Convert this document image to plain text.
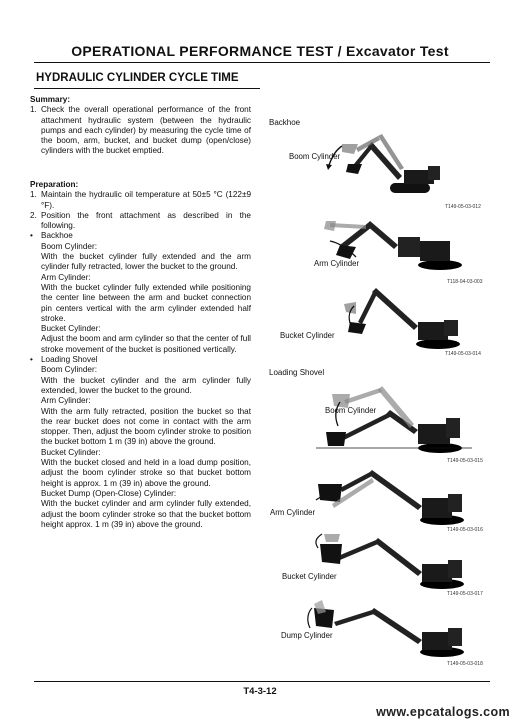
OPERATIONAL PERFORMANCE TEST / Excavator Test
HYDRAULIC CYLINDER CYCLE TIME
Summary:
1. Check the overall operational performance of the front attachment hydraulic system (between the hydraulic pumps and each cylinder) by measuring the cycle time of the boom, arm, bucket, and bucket dump (open/close) cylinders with the bucket emptied.
Preparation:
1. Maintain the hydraulic oil temperature at 50±5 °C (122±9 °F).
2. Position the front attachment as described in the following.
• Backhoe
Boom Cylinder:
With the bucket cylinder fully extended and the arm cylinder fully retracted, lower the bucket to the ground.
Arm Cylinder:
With the bucket cylinder fully extended while positioning the center line between the arm and bucket connection pin centers vertical with the arm cylinder extended half stroke.
Bucket Cylinder:
Adjust the boom and arm cylinder so that the center of full stroke movement of the bucket is positioned vertically.
• Loading Shovel
Boom Cylinder:
With the bucket cylinder and the arm cylinder fully extended, lower the bucket to the ground.
Arm Cylinder:
With the arm fully retracted, position the bucket so that the rear bucket does not come in contact with the arm stopper. Then, adjust the boom cylinder stroke to position the bucket bottom 1 m (39 in) above the ground.
Bucket Cylinder:
With the bucket closed and held in a load dump position, adjust the boom cylinder stroke so that bucket bottom height is approx. 1 m (39 in) above the ground.
Bucket Dump (Open-Close) Cylinder:
With the bucket cylinder and arm cylinder fully extended, adjust the boom cylinder stroke so that the bucket bottom height approx. 1 m (39 in) above the ground.
Backhoe
Loading Shovel
Boom Cylinder
T149-05-03-012
Arm Cylinder
T118-04-03-003
Bucket Cylinder
T149-05-03-014
Boom Cylinder
T149-05-03-015
Arm Cylinder
T149-05-03-016
Bucket Cylinder
T149-05-03-017
Dump Cylinder
T149-05-03-018
T4-3-12
www.epcatalogs.com
